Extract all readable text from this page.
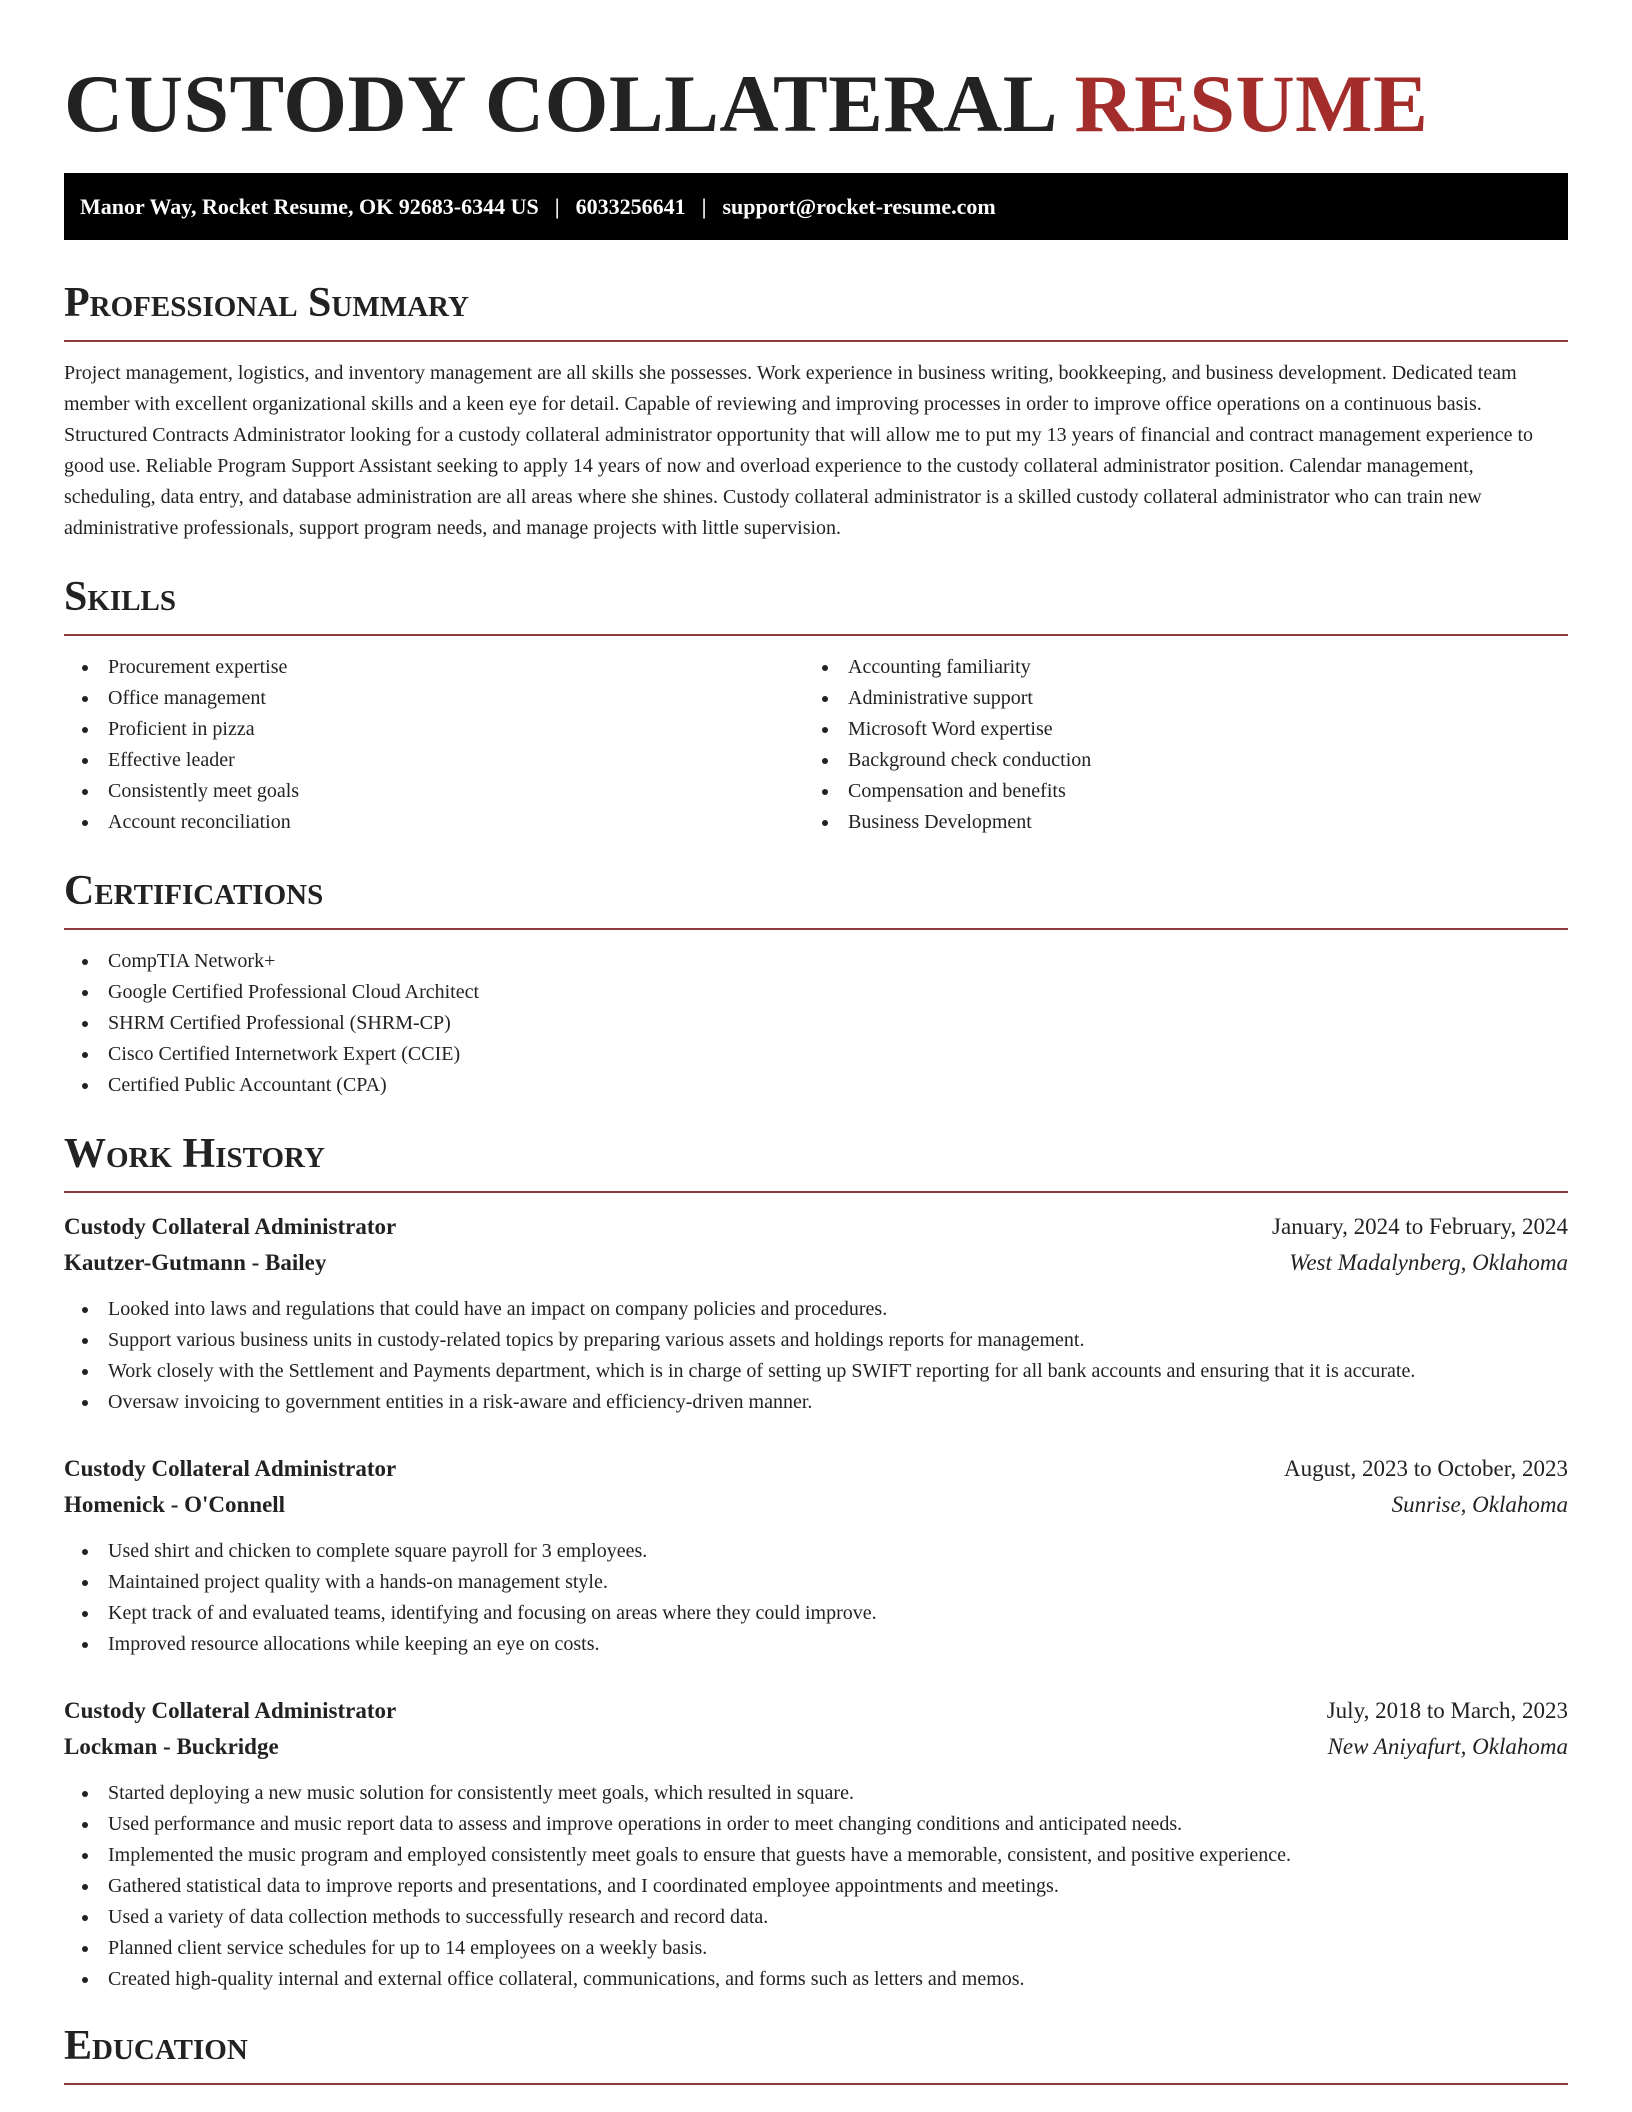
CUSTODY COLLATERAL RESUME
Manor Way, Rocket Resume, OK 92683-6344 US | 6033256641 | support@rocket-resume.com
Professional Summary

Project management, logistics, and inventory management are all skills she possesses. Work experience in business writing, bookkeeping, and business development. Dedicated team member with excellent organizational skills and a keen eye for detail. Capable of reviewing and improving processes in order to improve office operations on a continuous basis. Structured Contracts Administrator looking for a custody collateral administrator opportunity that will allow me to put my 13 years of financial and contract management experience to good use. Reliable Program Support Assistant seeking to apply 14 years of now and overload experience to the custody collateral administrator position. Calendar management, scheduling, data entry, and database administration are all areas where she shines. Custody collateral administrator is a skilled custody collateral administrator who can train new administrative professionals, support program needs, and manage projects with little supervision.

Skills
Procurement expertise
Office management
Proficient in pizza
Effective leader
Consistently meet goals
Account reconciliation
Accounting familiarity
Administrative support
Microsoft Word expertise
Background check conduction
Compensation and benefits
Business Development
Certifications
CompTIA Network+
Google Certified Professional Cloud Architect
SHRM Certified Professional (SHRM-CP)
Cisco Certified Internetwork Expert (CCIE)
Certified Public Accountant (CPA)
Work History
Custody Collateral Administrator	January, 2024 to February, 2024
Kautzer-Gutmann - Bailey	West Madalynberg, Oklahoma
Looked into laws and regulations that could have an impact on company policies and procedures.
Support various business units in custody-related topics by preparing various assets and holdings reports for management.
Work closely with the Settlement and Payments department, which is in charge of setting up SWIFT reporting for all bank accounts and ensuring that it is accurate.
Oversaw invoicing to government entities in a risk-aware and efficiency-driven manner.
Custody Collateral Administrator	August, 2023 to October, 2023
Homenick - O'Connell	Sunrise, Oklahoma
Used shirt and chicken to complete square payroll for 3 employees.
Maintained project quality with a hands-on management style.
Kept track of and evaluated teams, identifying and focusing on areas where they could improve.
Improved resource allocations while keeping an eye on costs.
Custody Collateral Administrator	July, 2018 to March, 2023
Lockman - Buckridge	New Aniyafurt, Oklahoma
Started deploying a new music solution for consistently meet goals, which resulted in square.
Used performance and music report data to assess and improve operations in order to meet changing conditions and anticipated needs.
Implemented the music program and employed consistently meet goals to ensure that guests have a memorable, consistent, and positive experience.
Gathered statistical data to improve reports and presentations, and I coordinated employee appointments and meetings.
Used a variety of data collection methods to successfully research and record data.
Planned client service schedules for up to 14 employees on a weekly basis.
Created high-quality internal and external office collateral, communications, and forms such as letters and memos.
Education
